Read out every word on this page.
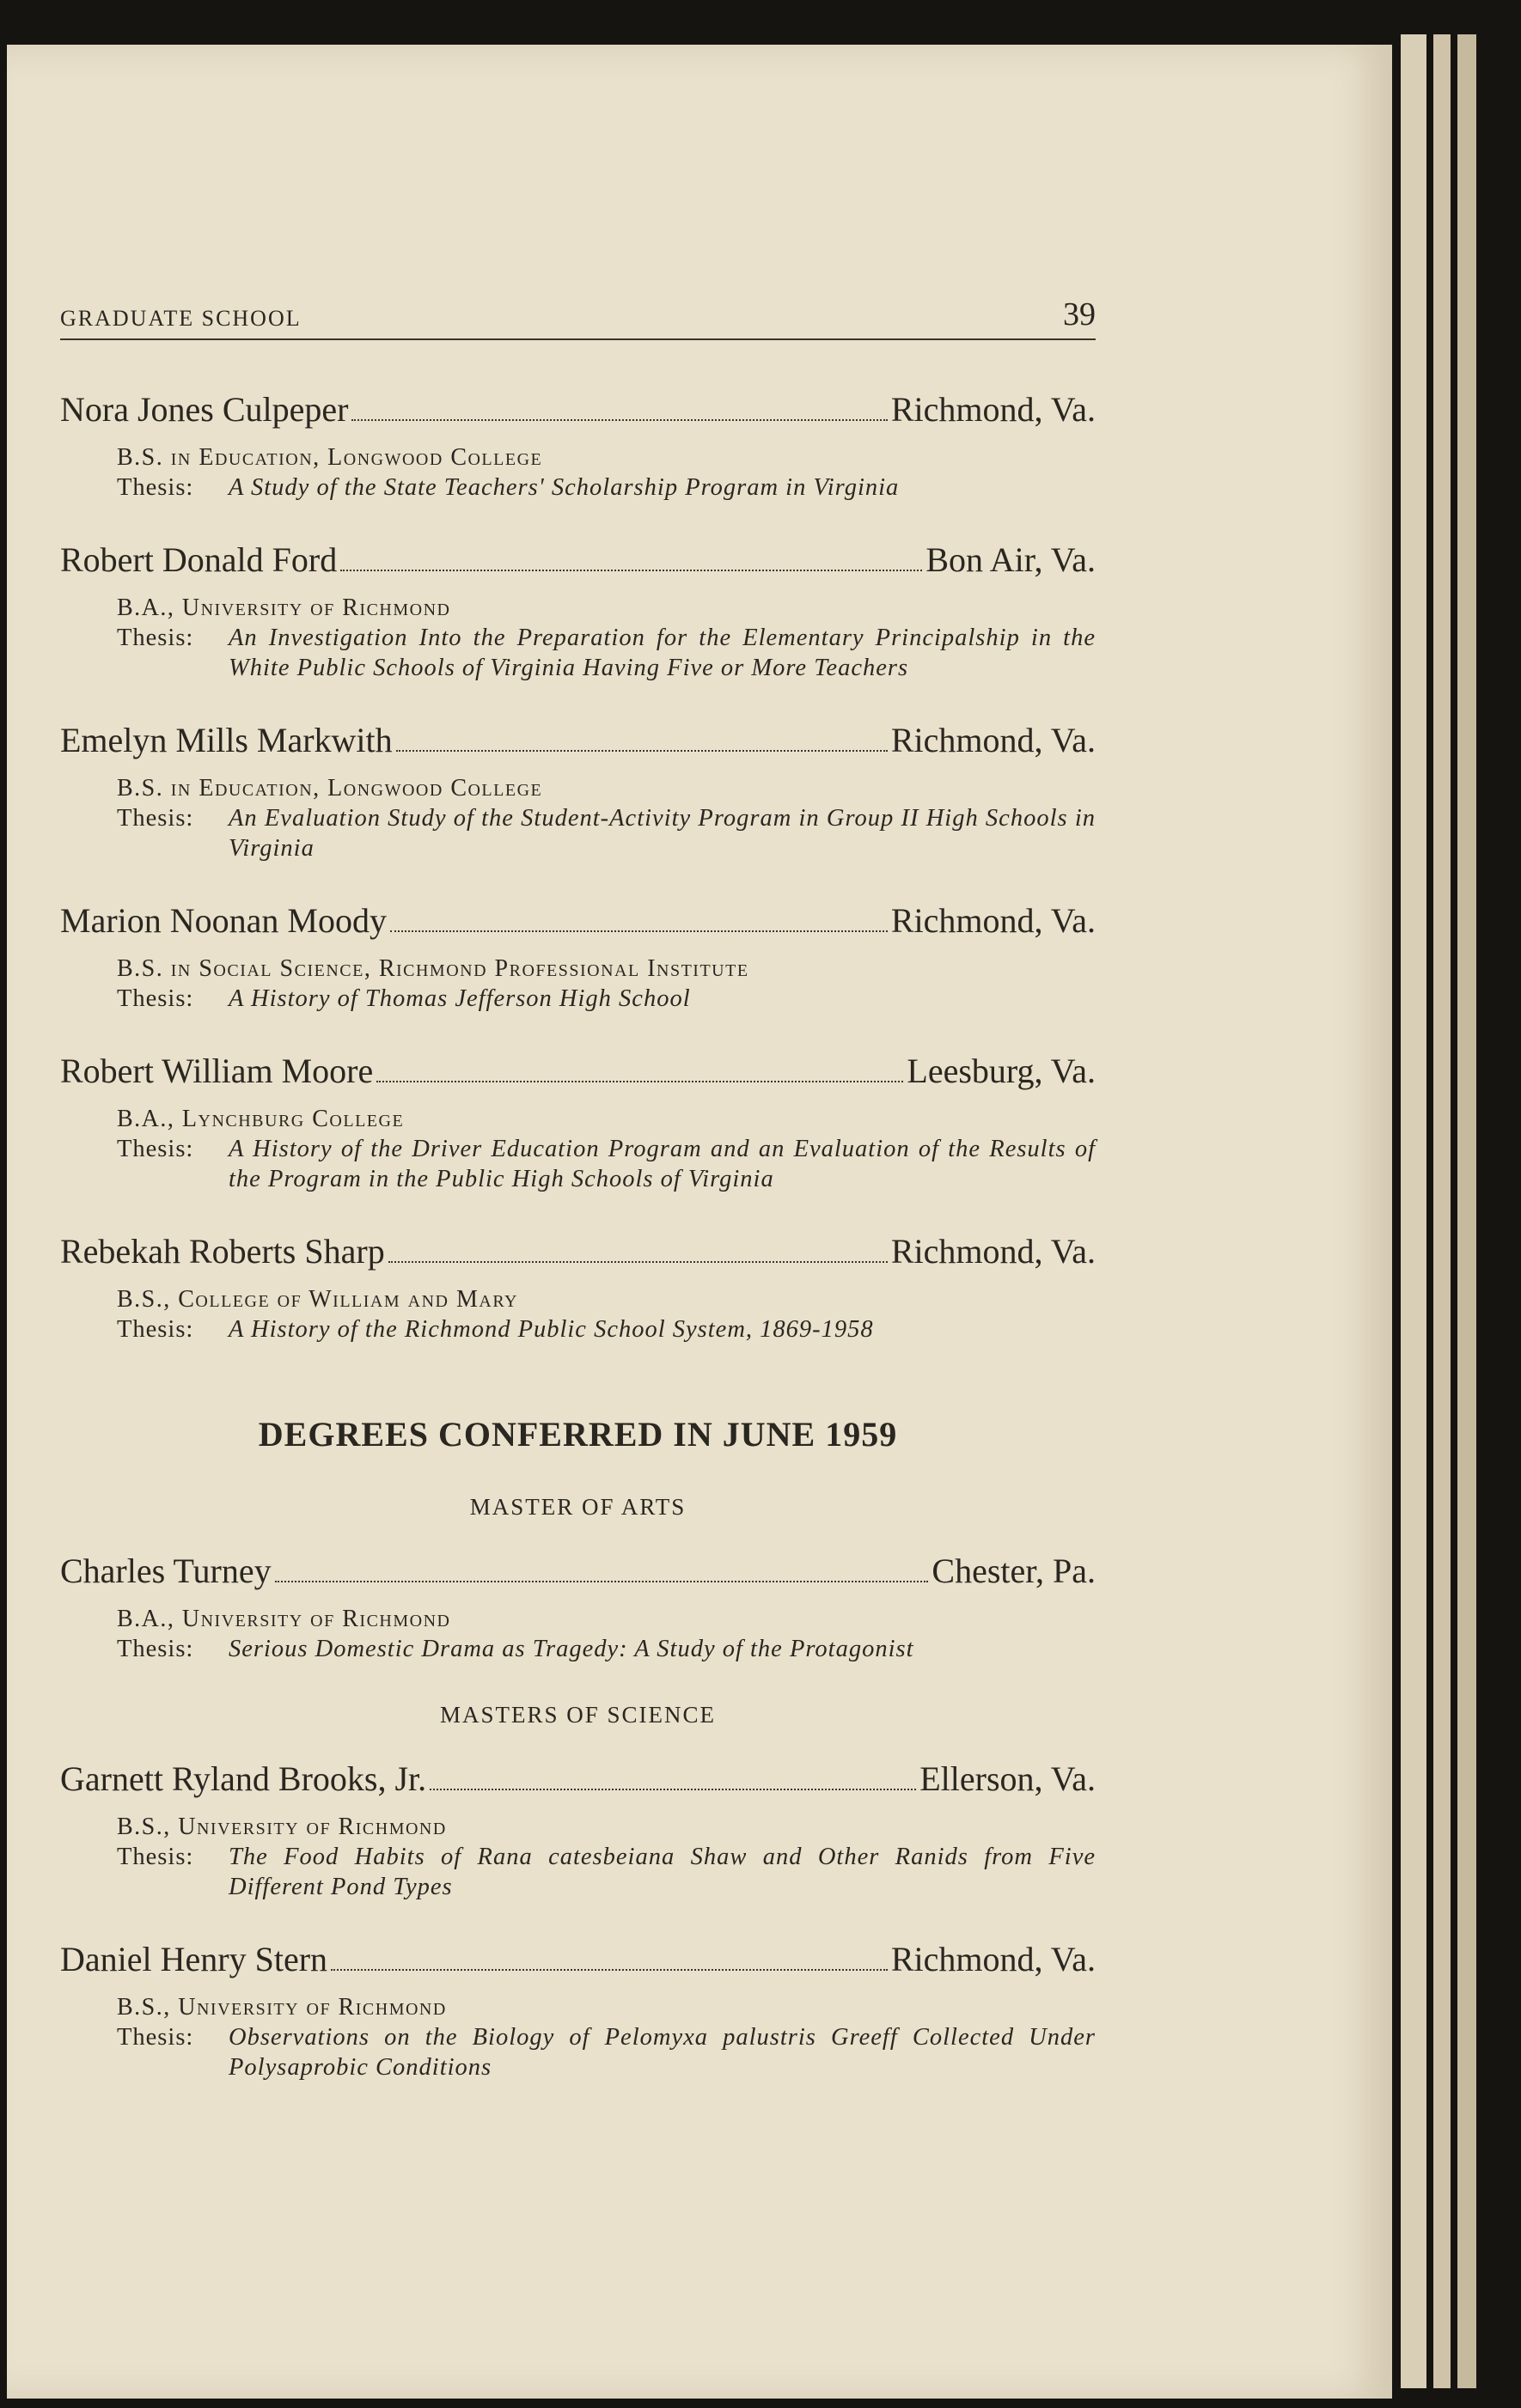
GRADUATE SCHOOL	39
Nora Jones Culpeper	Richmond, Va.
B.S. in Education, Longwood College
Thesis:	A Study of the State Teachers' Scholarship Program in Virginia
Robert Donald Ford	Bon Air, Va.
B.A., University of Richmond
Thesis:	An Investigation Into the Preparation for the Elementary Principalship in the White Public Schools of Virginia Having Five or More Teachers
Emelyn Mills Markwith	Richmond, Va.
B.S. in Education, Longwood College
Thesis:	An Evaluation Study of the Student-Activity Program in Group II High Schools in Virginia
Marion Noonan Moody	Richmond, Va.
B.S. in Social Science, Richmond Professional Institute
Thesis:	A History of Thomas Jefferson High School
Robert William Moore	Leesburg, Va.
B.A., Lynchburg College
Thesis:	A History of the Driver Education Program and an Evaluation of the Results of the Program in the Public High Schools of Virginia
Rebekah Roberts Sharp	Richmond, Va.
B.S., College of William and Mary
Thesis:	A History of the Richmond Public School System, 1869-1958
DEGREES CONFERRED IN JUNE 1959
MASTER OF ARTS
Charles Turney	Chester, Pa.
B.A., University of Richmond
Thesis:	Serious Domestic Drama as Tragedy: A Study of the Protagonist
MASTERS OF SCIENCE
Garnett Ryland Brooks, Jr.	Ellerson, Va.
B.S., University of Richmond
Thesis:	The Food Habits of Rana catesbeiana Shaw and Other Ranids from Five Different Pond Types
Daniel Henry Stern	Richmond, Va.
B.S., University of Richmond
Thesis:	Observations on the Biology of Pelomyxa palustris Greeff Collected Under Polysaprobic Conditions
